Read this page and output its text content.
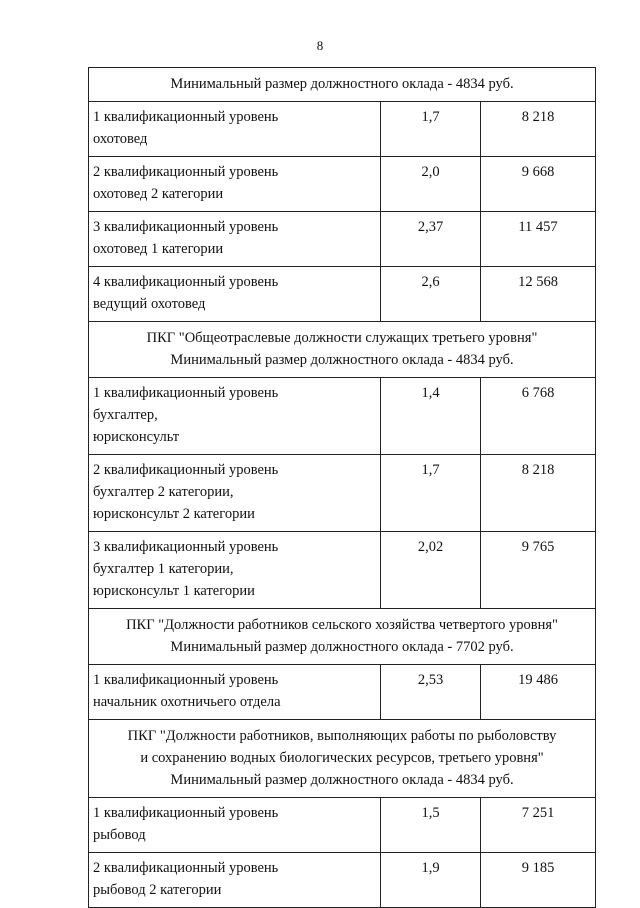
8
Минимальный размер должностного оклада - 4834 руб.		

1 квалификационный уровень
охотовед	1,7	8 218

2 квалификационный уровень
охотовед 2 категории	2,0	9 668

3 квалификационный уровень
охотовед 1 категории	2,37	11 457

4 квалификационный уровень
ведущий охотовед	2,6	12 568

ПКГ "Общеотраслевые должности служащих третьего уровня"
Минимальный размер должностного оклада - 4834 руб.		

1 квалификационный уровень
бухгалтер,
юрисконсульт	1,4	6 768

2 квалификационный уровень
бухгалтер 2 категории,
юрисконсульт 2 категории	1,7	8 218

3 квалификационный уровень
бухгалтер 1 категории,
юрисконсульт 1 категории	2,02	9 765

ПКГ "Должности работников сельского хозяйства четвертого уровня"
Минимальный размер должностного оклада - 7702 руб.		

1 квалификационный уровень
начальник охотничьего отдела	2,53	19 486

ПКГ "Должности работников, выполняющих работы по рыболовству
и сохранению водных биологических ресурсов, третьего уровня"
Минимальный размер должностного оклада - 4834 руб.		

1 квалификационный уровень
рыбовод	1,5	7 251

2 квалификационный уровень
рыбовод 2 категории	1,9	9 185
